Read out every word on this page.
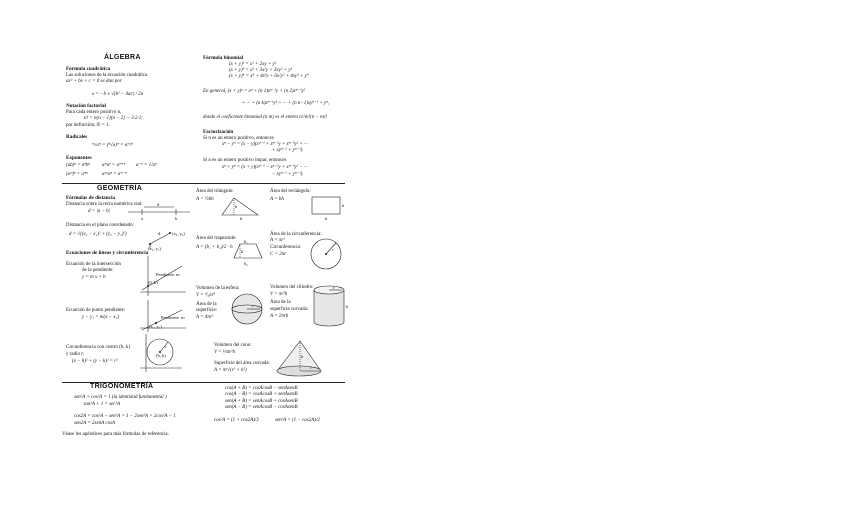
ÁLGEBRA
Fórmula cuadrática
Las soluciones de la ecuación cuadrática
ax² + bx + c = 0 se dan por
x = −b ± √(b² − 4ac) / 2a
Notación factorial
Para cada entero positivo n,
n! = n(n − 1)(n − 2) ··· 3·2·1;
por definición, 0! = 1.
Radicales
ⁿ√aᵐ = (ⁿ√a)ᵐ = aᵐ/ⁿ
Exponentes
(ab)ⁿ = aⁿbⁿ aᵐaⁿ = aᵐ⁺ⁿ a⁻ⁿ = 1/aⁿ
(aᵐ)ⁿ = aᵐⁿ	aᵐ/aⁿ = aᵐ⁻ⁿ
Fórmula binomial
(x + y)² = x² + 2xy + y²
(x + y)³ = x³ + 3x²y + 3xy² + y³
(x + y)⁴ = x⁴ + 4x³y + 6x²y² + 4xy³ + y⁴
En general, (x + y)ⁿ = xⁿ + (n 1)xⁿ⁻¹y + (n 2)xⁿ⁻²y²
+ ··· + (n k)xⁿ⁻ᵏyᵏ + ··· + (n n−1)xyⁿ⁻¹ + yⁿ,
donde el coeficiente binomial (n m) es el entero n!/m!(n − m)!
Factorización
Si n es un entero positivo, entonces
xⁿ − yⁿ = (x − y)(xⁿ⁻¹ + xⁿ⁻²y + xⁿ⁻³y² + ···
+ xyⁿ⁻² + yⁿ⁻¹).
Si n es un entero positivo impar, entonces
xⁿ + yⁿ = (x + y)(xⁿ⁻¹ − xⁿ⁻²y + xⁿ⁻³y² − ···
− xyⁿ⁻² + yⁿ⁻¹).
GEOMETRÍA
Fórmulas de distancia
Distancia sobre la recta numérica real:
d = |a − b|
d
a	b
Distancia en el plano coordenado:
d = √((x₂ − x₁)² + (y₂ − y₁)²)	d	(x₂, y₂)
(x₁, y₁)
Ecuaciones de líneas y circunferencia
Ecuación de la intersección
de la pendiente:
y = m x + b
(0, b)
Pendiente: m
Ecuación de punto pendiente:
y − y₁ = m(x − x₁)
(x₁, y₁)
Pendiente: m
Circunferencia con centro (h, k)
y radio r:
(x − h)² + (y − k)² = r²
r
(h, k)
Área del triángulo:
A = ½bh
h
b
Área del trapezoide:
A = (b₁ + b₂)/2 · h
b₁
h
b₂
Volumen de la esfera:
V = ⁴⁄₃πr³
Área de la
superficie:
A = 4πr²
r
Volumen del cono:
V = ⅓πr²h
Superficie del área curvada:
A = πr√(r² + h²)
h
r
Área del rectángulo:
A = bh
h
b
Área de la circunferencia:
A = πr²
Circunferencia:
C = 2πr
r
Volumen del cilindro:
V = πr²h
Área de la
superficie curvada:
A = 2πrh
r
h
TRIGONOMETRÍA
sen²A + cos²A = 1 (la identidad fundamental )
tan²A + 1 = sec²A
cos2A = cos²A − sen²A = 1 − 2sen²A = 2cos²A − 1
sen2A = 2senA cosA
cos(A + B) = cosAcosB − senAsenB
cos(A − B) = cosAcosB + senAsenB
sen(A + B) = senAcosB + cosAsenB
sen(A − B) = senAcosB − cosAsenB
cos²A = (1 + cos2A)/2	sen²A = (1 − cos2A)/2
Véase los apéndices para más fórmulas de referencia.
